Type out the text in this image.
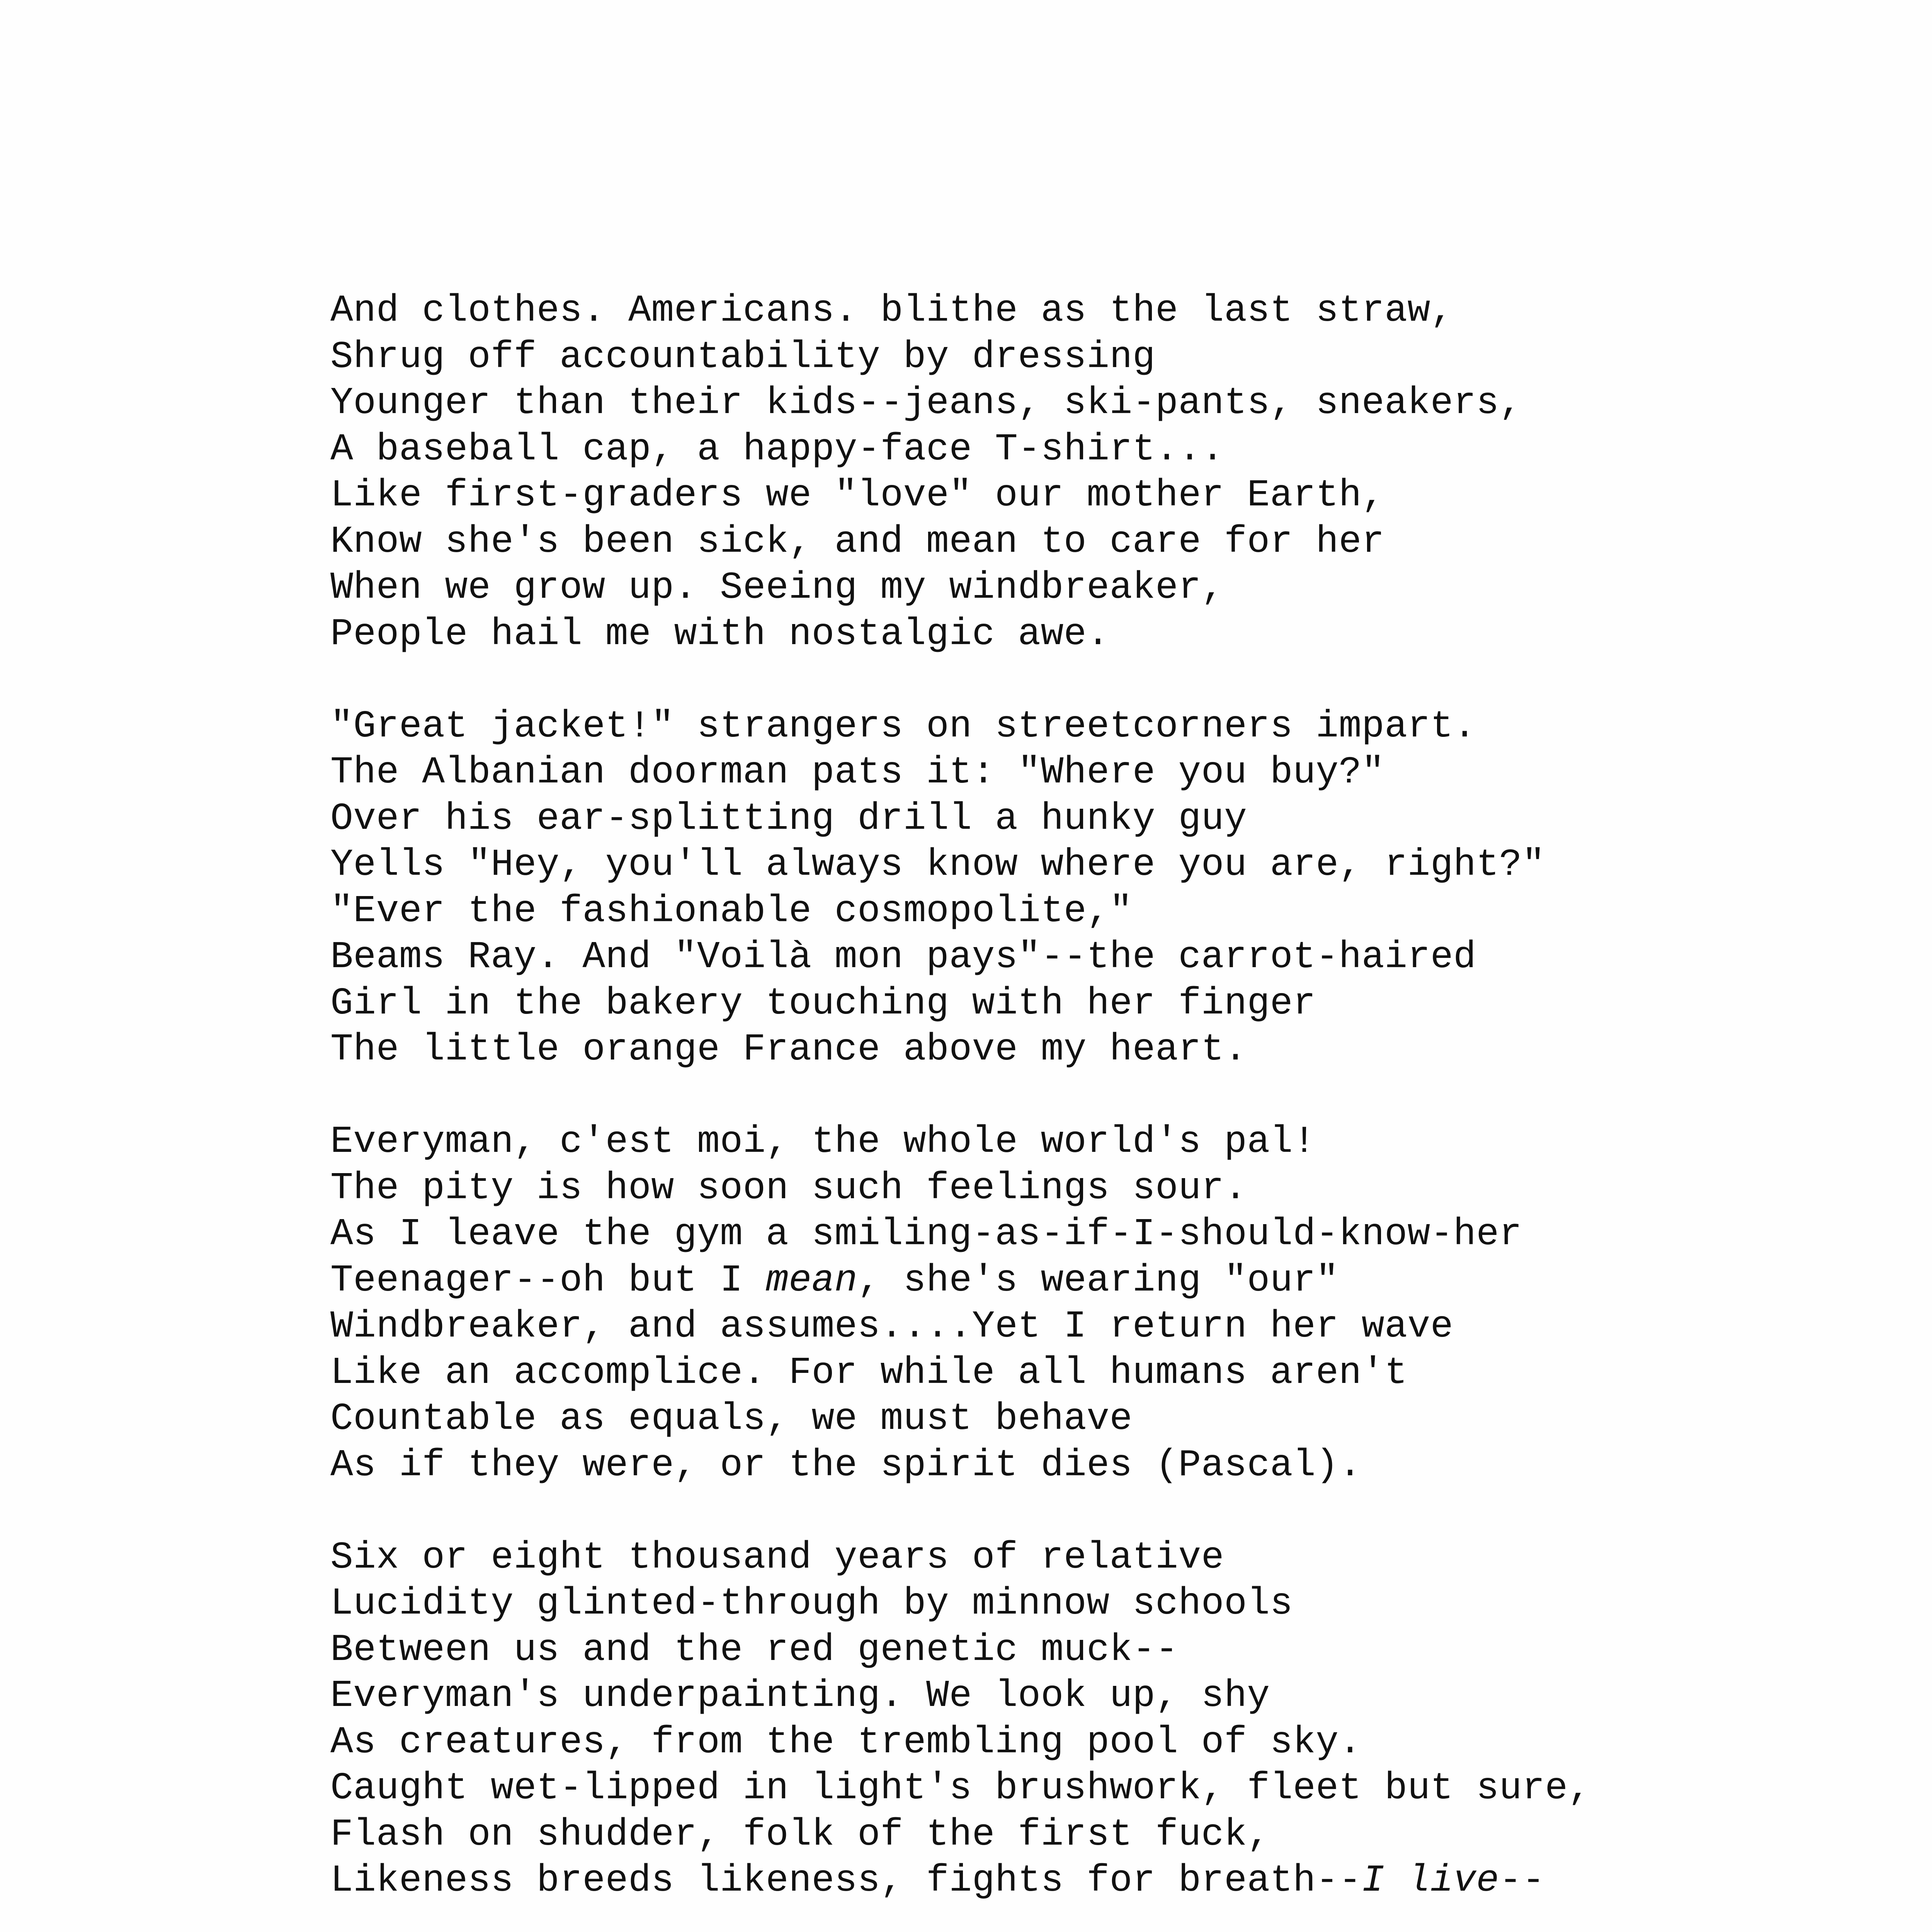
And clothes. Americans. blithe as the last straw,
Shrug off accountability by dressing
Younger than their kids--jeans, ski-pants, sneakers,
A baseball cap, a happy-face T-shirt...
Like first-graders we "love" our mother Earth,
Know she's been sick, and mean to care for her
When we grow up. Seeing my windbreaker,
People hail me with nostalgic awe.
"Great jacket!" strangers on streetcorners impart.
The Albanian doorman pats it: "Where you buy?"
Over his ear-splitting drill a hunky guy
Yells "Hey, you'll always know where you are, right?"
"Ever the fashionable cosmopolite,"
Beams Ray. And "Voilà mon pays"--the carrot-haired
Girl in the bakery touching with her finger
The little orange France above my heart.
Everyman, c'est moi, the whole world's pal!
The pity is how soon such feelings sour.
As I leave the gym a smiling-as-if-I-should-know-her
Teenager--oh but I mean, she's wearing "our"
Windbreaker, and assumes....Yet I return her wave
Like an accomplice. For while all humans aren't
Countable as equals, we must behave
As if they were, or the spirit dies (Pascal).
Six or eight thousand years of relative
Lucidity glinted-through by minnow schools
Between us and the red genetic muck--
Everyman's underpainting. We look up, shy
As creatures, from the trembling pool of sky.
Caught wet-lipped in light's brushwork, fleet but sure,
Flash on shudder, folk of the first fuck,
Likeness breeds likeness, fights for breath--I live--
